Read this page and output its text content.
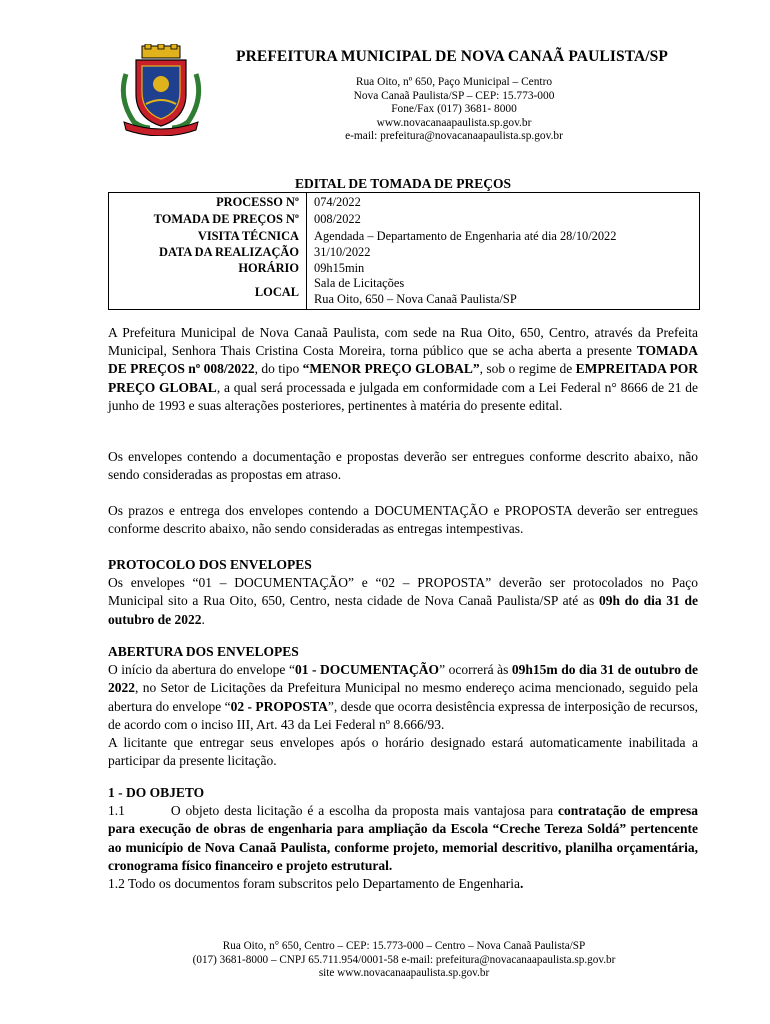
PREFEITURA MUNICIPAL DE NOVA CANAÃ PAULISTA/SP
Rua Oito, nº 650, Paço Municipal – Centro
Nova Canaã Paulista/SP – CEP: 15.773-000
Fone/Fax (017) 3681- 8000
www.novacanaapaulista.sp.gov.br
e-mail: prefeitura@novacanaapaulista.sp.gov.br
EDITAL DE TOMADA DE PREÇOS
PROCESSO Nº 074/2022
TOMADA DE PREÇOS Nº 008/2022
VISITA TÉCNICA Agendada – Departamento de Engenharia até dia 28/10/2022
DATA DA REALIZAÇÃO 31/10/2022
HORÁRIO 09h15min
LOCAL
Sala de Licitações
Rua Oito, 650 – Nova Canaã Paulista/SP
A Prefeitura Municipal de Nova Canaã Paulista, com sede na Rua Oito, 650, Centro, através da Prefeita Municipal, Senhora Thais Cristina Costa Moreira, torna público que se acha aberta a presente TOMADA DE PREÇOS nº 008/2022, do tipo “MENOR PREÇO GLOBAL”, sob o regime de EMPREITADA POR PREÇO GLOBAL, a qual será processada e julgada em conformidade com a Lei Federal n° 8666 de 21 de junho de 1993 e suas alterações posteriores, pertinentes à matéria do presente edital.
Os envelopes contendo a documentação e propostas deverão ser entregues conforme descrito abaixo, não sendo consideradas as propostas em atraso.
Os prazos e entrega dos envelopes contendo a DOCUMENTAÇÃO e PROPOSTA deverão ser entregues conforme descrito abaixo, não sendo consideradas as entregas intempestivas.
PROTOCOLO DOS ENVELOPES
Os envelopes “01 – DOCUMENTAÇÃO” e “02 – PROPOSTA” deverão ser protocolados no Paço Municipal sito a Rua Oito, 650, Centro, nesta cidade de Nova Canaã Paulista/SP até as 09h do dia 31 de outubro de 2022.
ABERTURA DOS ENVELOPES
O início da abertura do envelope “01 - DOCUMENTAÇÃO” ocorrerá às 09h15m do dia 31 de outubro de 2022, no Setor de Licitações da Prefeitura Municipal no mesmo endereço acima mencionado, seguido pela abertura do envelope “02 - PROPOSTA”, desde que ocorra desistência expressa de interposição de recursos, de acordo com o inciso III, Art. 43 da Lei Federal nº 8.666/93.
A licitante que entregar seus envelopes após o horário designado estará automaticamente inabilitada a participar da presente licitação.
1 - DO OBJETO
1.1	O objeto desta licitação é a escolha da proposta mais vantajosa para contratação de empresa para execução de obras de engenharia para ampliação da Escola “Creche Tereza Soldá” pertencente ao município de Nova Canaã Paulista, conforme projeto, memorial descritivo, planilha orçamentária, cronograma físico financeiro e projeto estrutural.
1.2 Todo os documentos foram subscritos pelo Departamento de Engenharia.
Rua Oito, n° 650, Centro – CEP: 15.773-000 – Centro – Nova Canaã Paulista/SP
(017) 3681-8000 – CNPJ 65.711.954/0001-58 e-mail: prefeitura@novacanaapaulista.sp.gov.br
site www.novacanaapaulista.sp.gov.br
